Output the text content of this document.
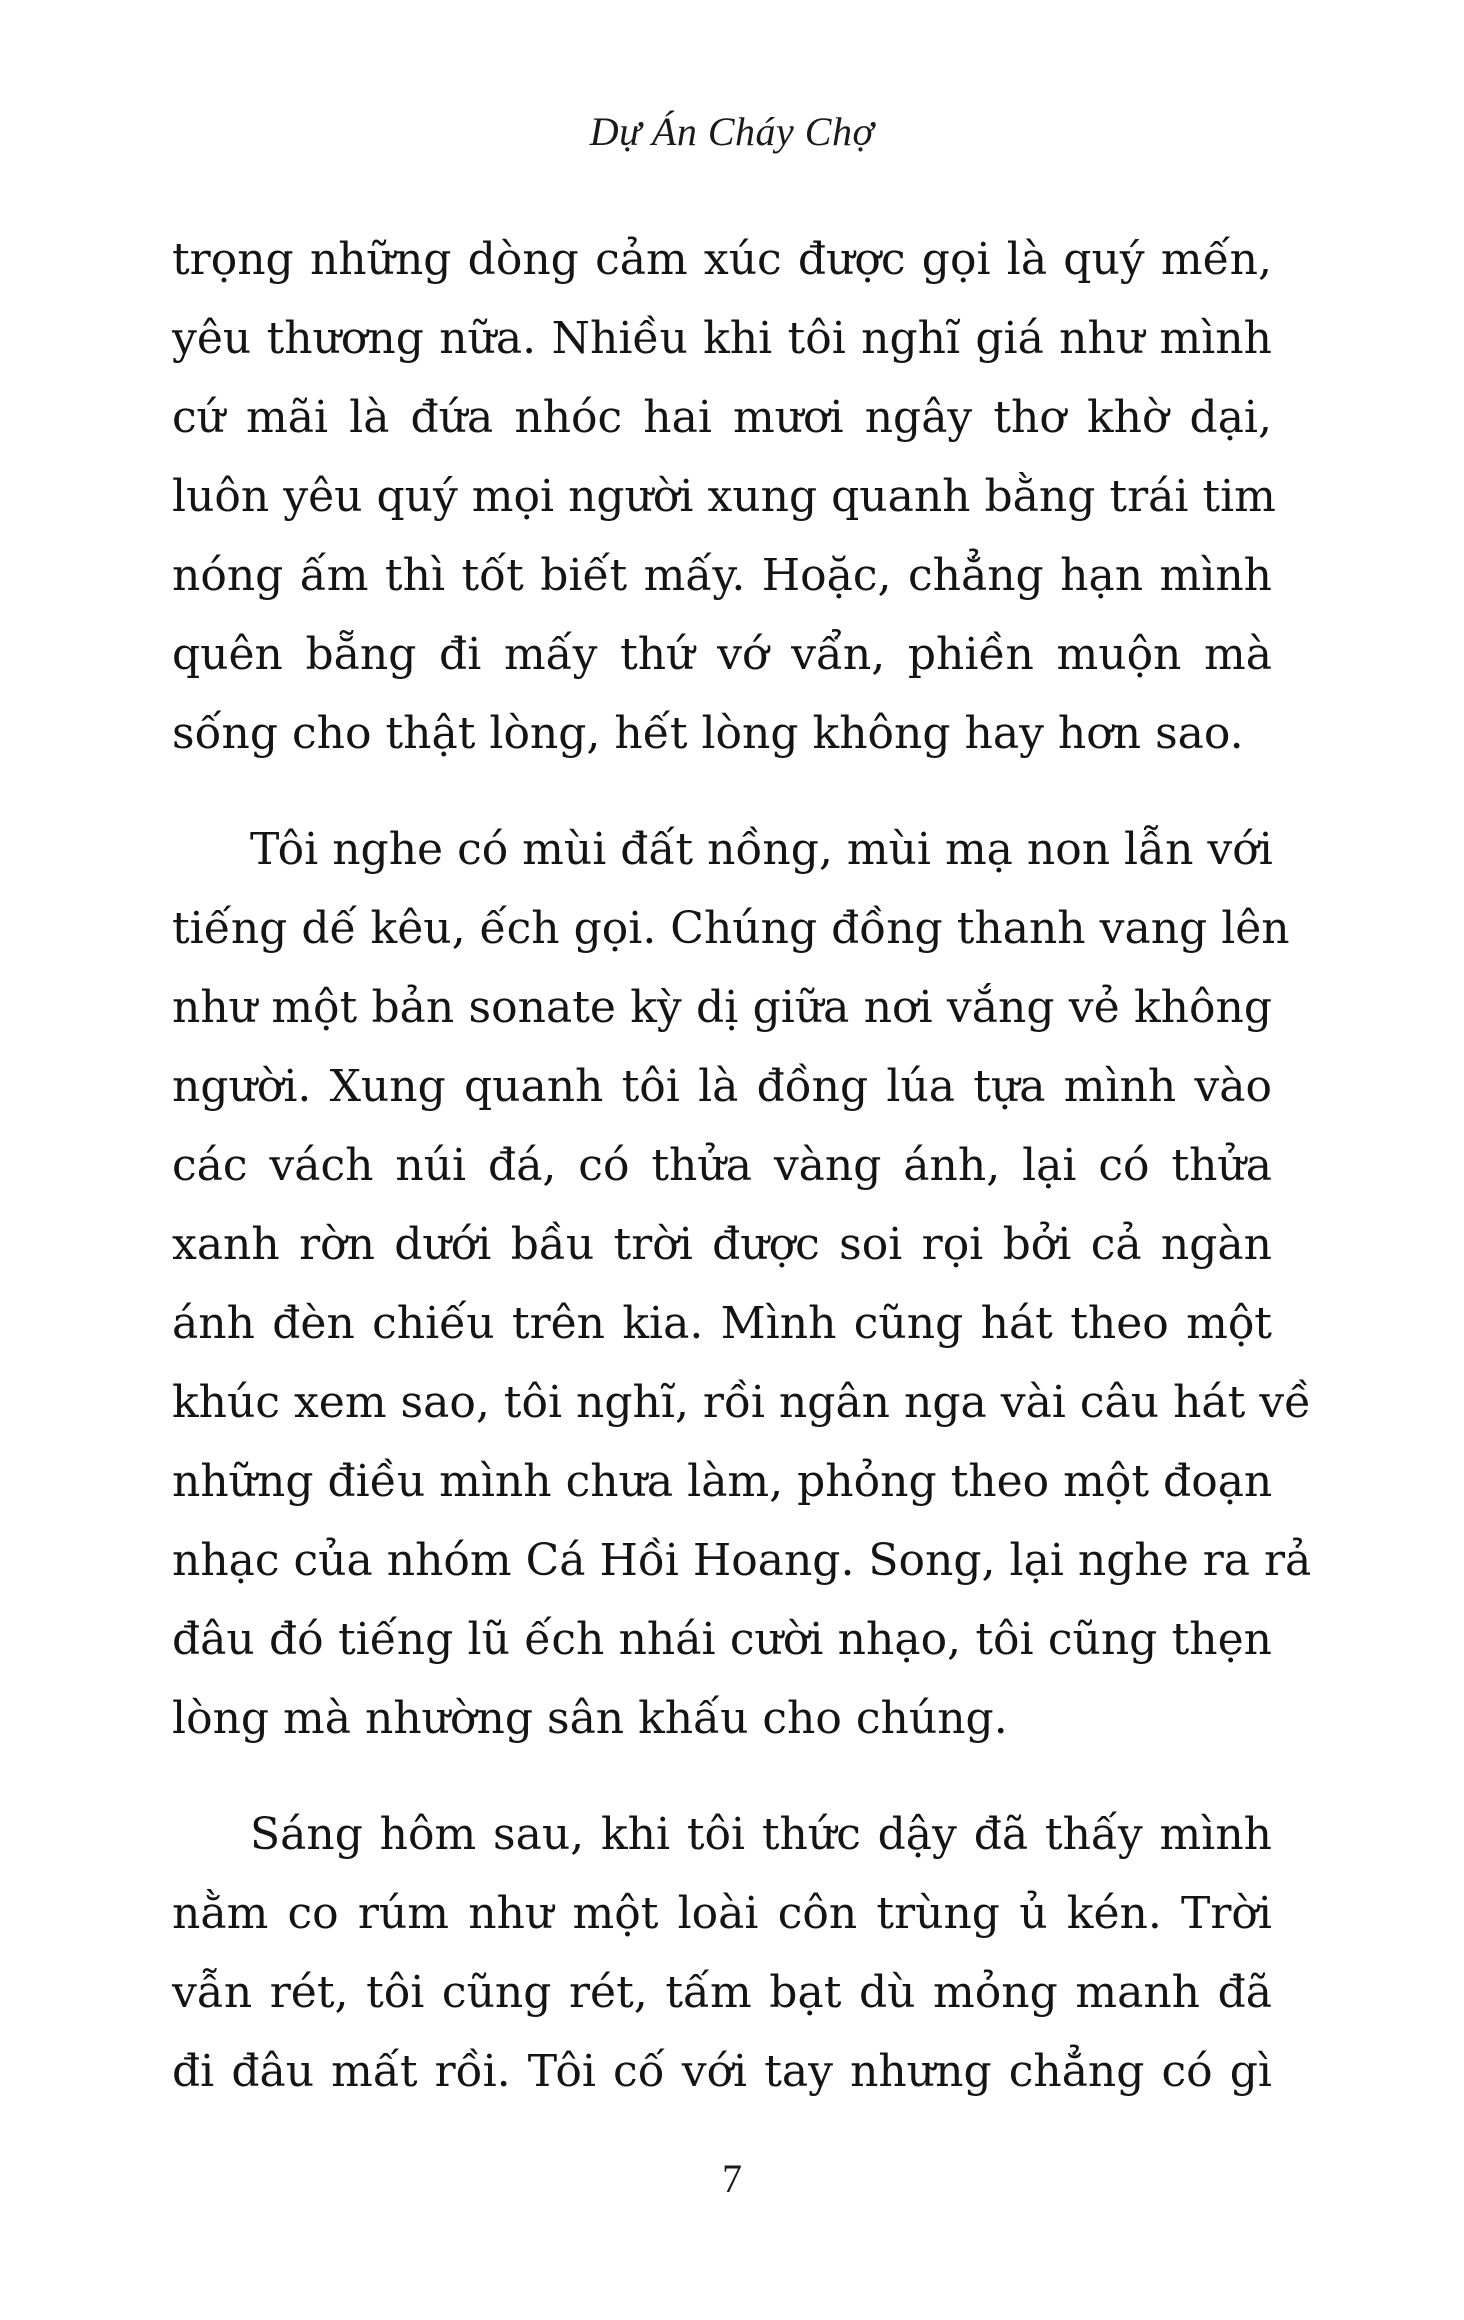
Dự Án Cháy Chợ
trọng những dòng cảm xúc được gọi là quý mến,
yêu thương nữa. Nhiều khi tôi nghĩ giá như mình
cứ mãi là đứa nhóc hai mươi ngây thơ khờ dại,
luôn yêu quý mọi người xung quanh bằng trái tim
nóng ấm thì tốt biết mấy. Hoặc, chẳng hạn mình
quên bẵng đi mấy thứ vớ vẩn, phiền muộn mà
sống cho thật lòng, hết lòng không hay hơn sao.
Tôi nghe có mùi đất nồng, mùi mạ non lẫn với
tiếng dế kêu, ếch gọi. Chúng đồng thanh vang lên
như một bản sonate kỳ dị giữa nơi vắng vẻ không
người. Xung quanh tôi là đồng lúa tựa mình vào
các vách núi đá, có thửa vàng ánh, lại có thửa
xanh rờn dưới bầu trời được soi rọi bởi cả ngàn
ánh đèn chiếu trên kia. Mình cũng hát theo một
khúc xem sao, tôi nghĩ, rồi ngân nga vài câu hát về
những điều mình chưa làm, phỏng theo một đoạn
nhạc của nhóm Cá Hồi Hoang. Song, lại nghe ra rả
đâu đó tiếng lũ ếch nhái cười nhạo, tôi cũng thẹn
lòng mà nhường sân khấu cho chúng.
Sáng hôm sau, khi tôi thức dậy đã thấy mình
nằm co rúm như một loài côn trùng ủ kén. Trời
vẫn rét, tôi cũng rét, tấm bạt dù mỏng manh đã
đi đâu mất rồi. Tôi cố với tay nhưng chẳng có gì
7
